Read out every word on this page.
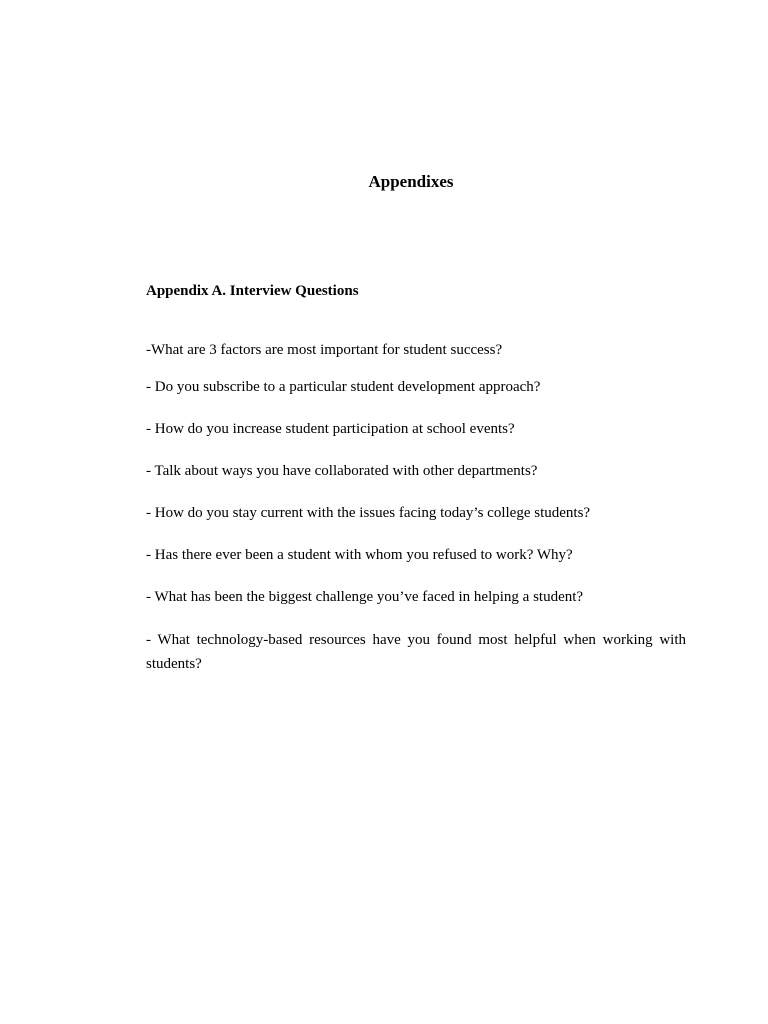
Appendixes
Appendix A. Interview Questions
-What are 3 factors are most important for student success?
- Do you subscribe to a particular student development approach?
- How do you increase student participation at school events?
- Talk about ways you have collaborated with other departments?
- How do you stay current with the issues facing today’s college students?
- Has there ever been a student with whom you refused to work? Why?
- What has been the biggest challenge you’ve faced in helping a student?
- What technology-based resources have you found most helpful when working with students?
